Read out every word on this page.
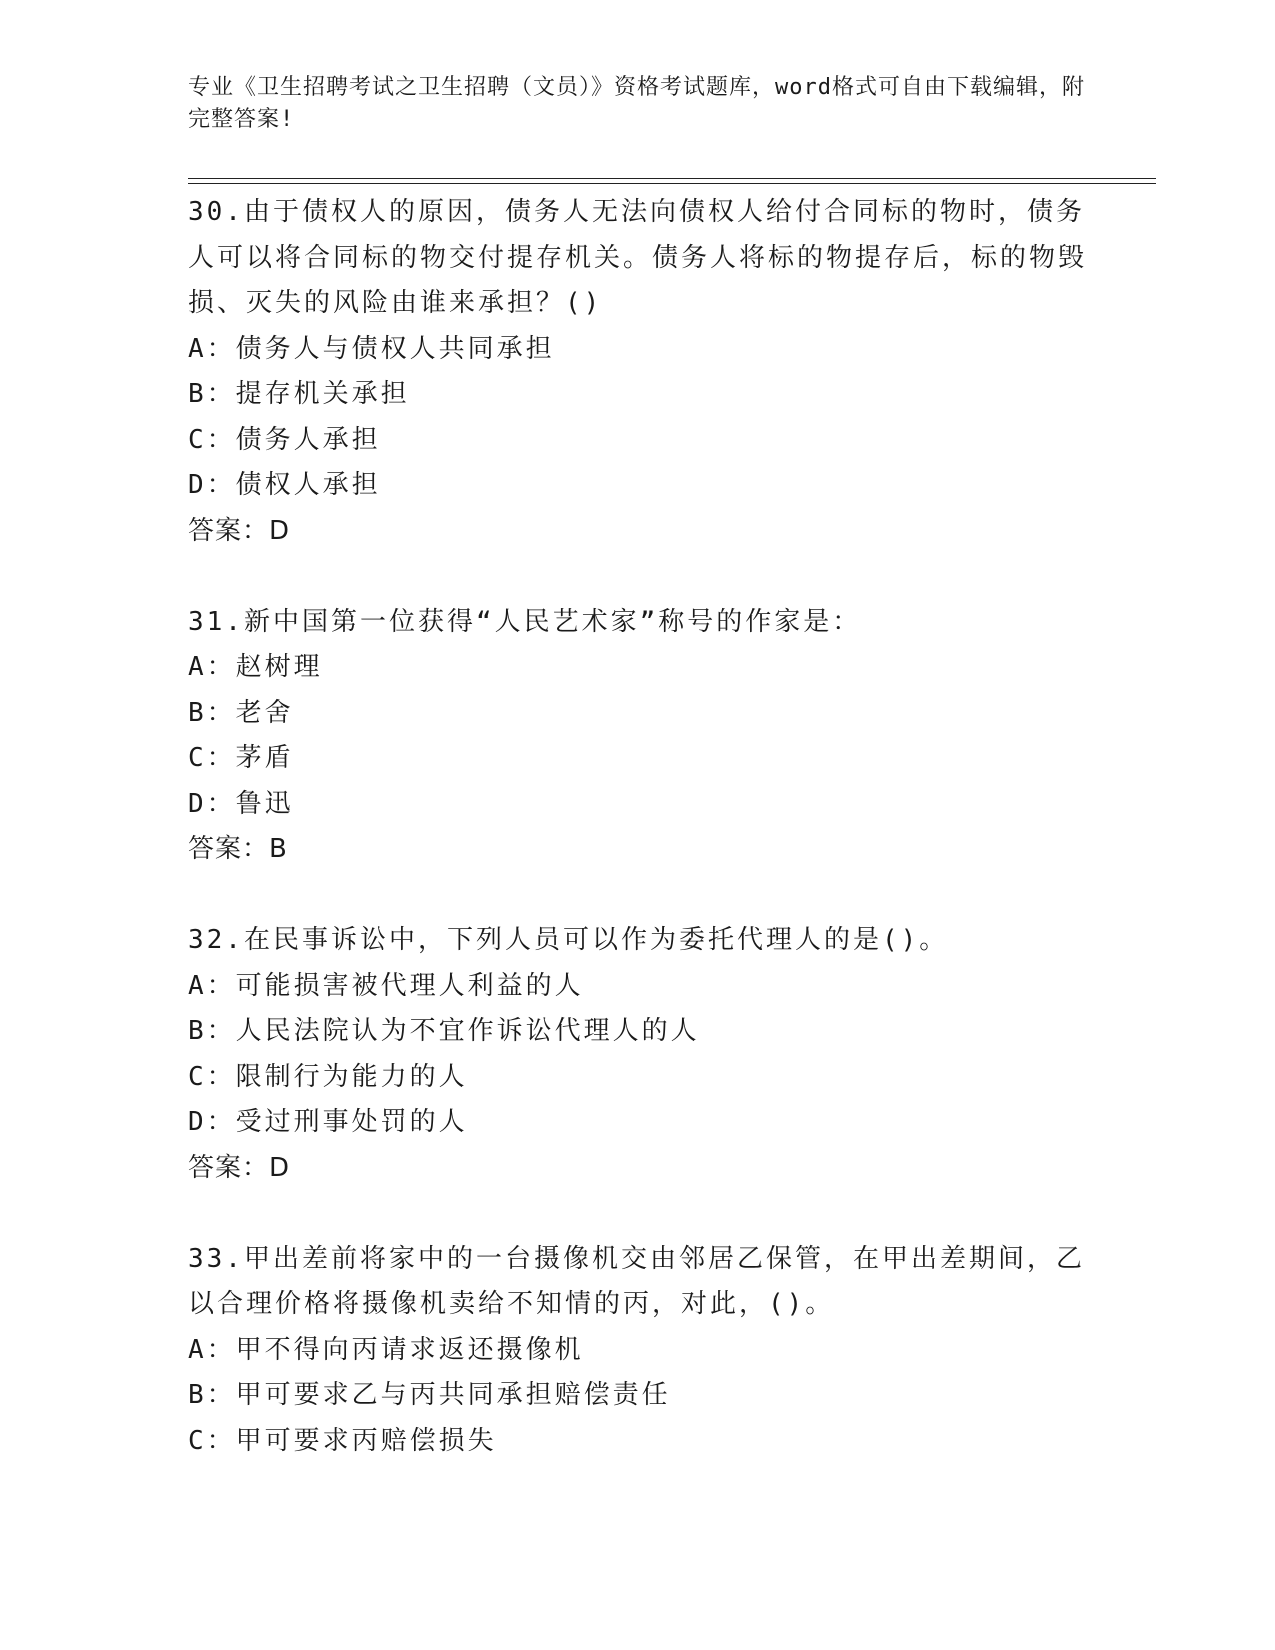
专业《卫生招聘考试之卫生招聘（文员）》资格考试题库，word格式可自由下载编辑，附完整答案!

30.由于债权人的原因，债务人无法向债权人给付合同标的物时，债务人可以将合同标的物交付提存机关。债务人将标的物提存后，标的物毁损、灭失的风险由谁来承担？()

A：债务人与债权人共同承担

B：提存机关承担

C：债务人承担

D：债权人承担

答案：D

31.新中国第一位获得“人民艺术家”称号的作家是：

A：赵树理

B：老舍

C：茅盾

D：鲁迅

答案：B

32.在民事诉讼中，下列人员可以作为委托代理人的是()。

A：可能损害被代理人利益的人

B：人民法院认为不宜作诉讼代理人的人

C：限制行为能力的人

D：受过刑事处罚的人

答案：D

33.甲出差前将家中的一台摄像机交由邻居乙保管，在甲出差期间，乙以合理价格将摄像机卖给不知情的丙，对此，()。

A：甲不得向丙请求返还摄像机

B：甲可要求乙与丙共同承担赔偿责任

C：甲可要求丙赔偿损失
